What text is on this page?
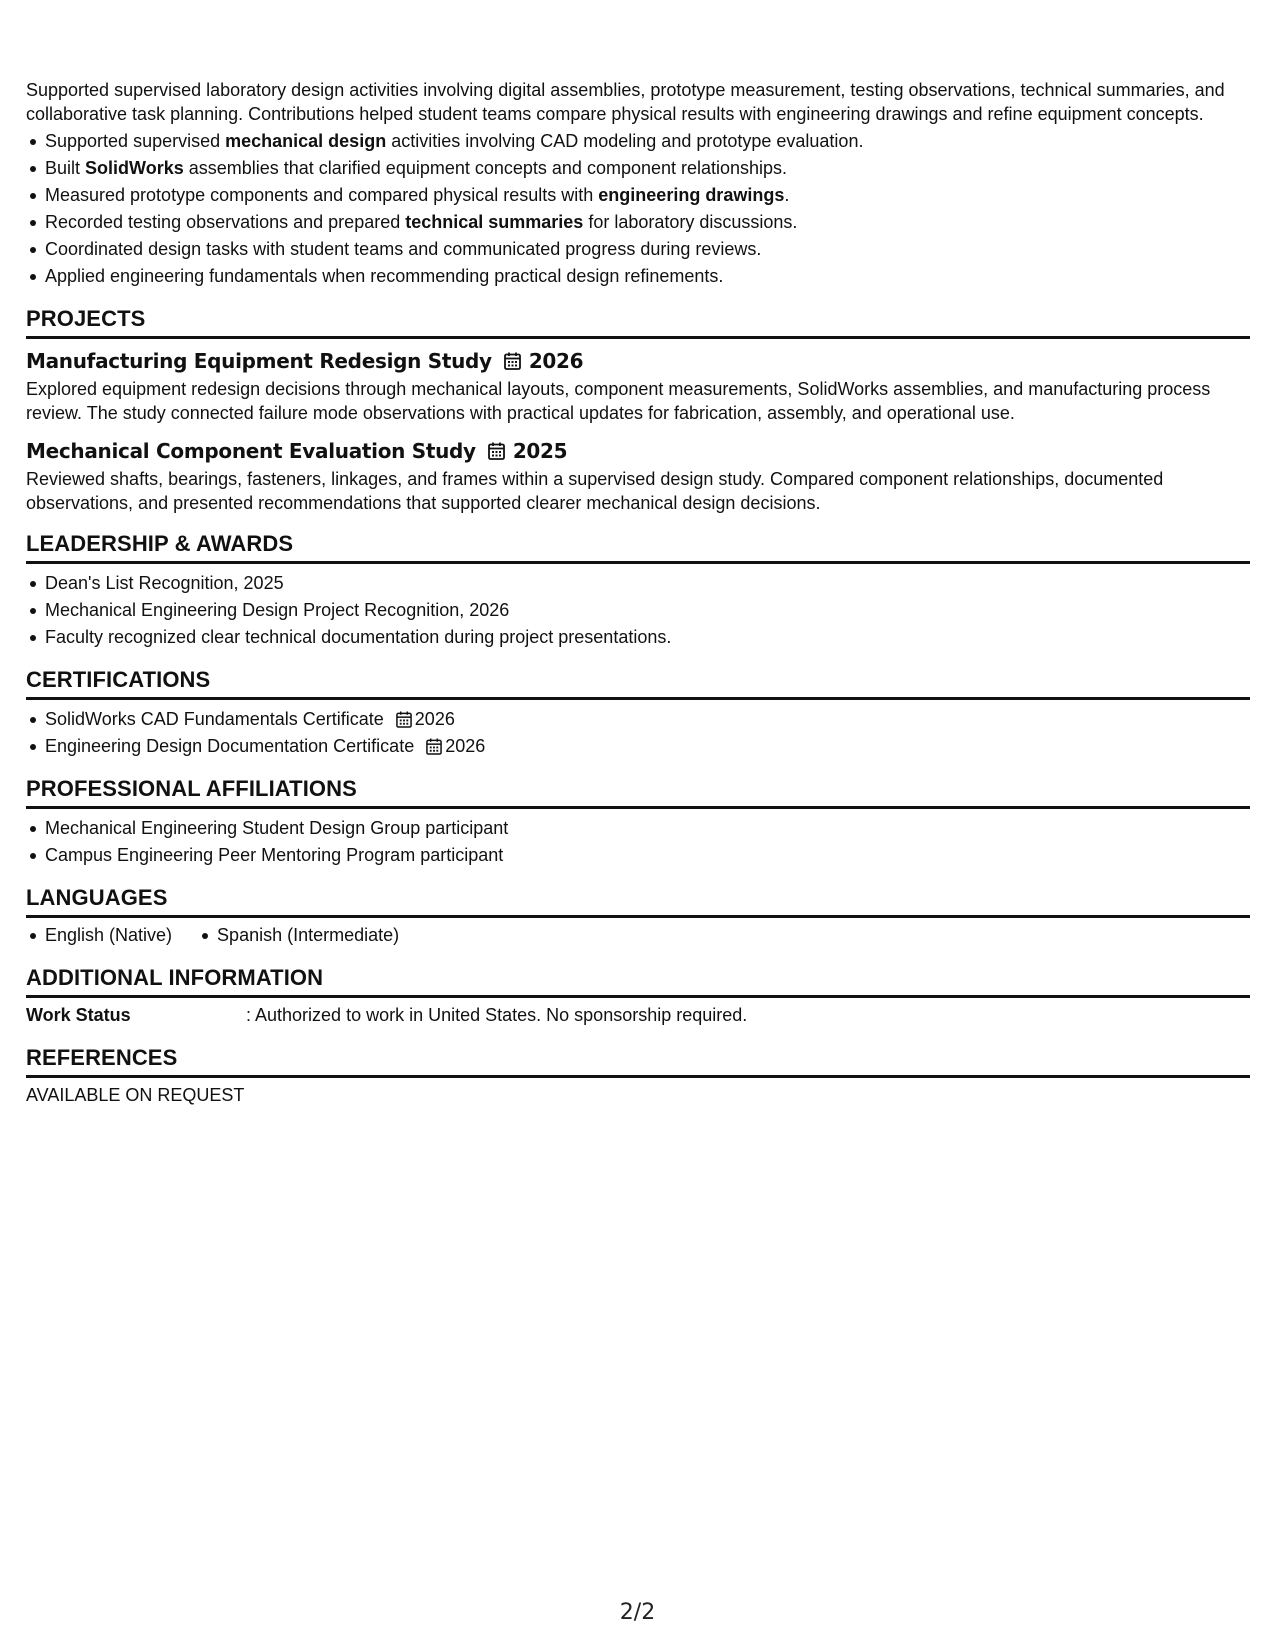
Supported supervised laboratory design activities involving digital assemblies, prototype measurement, testing observations, technical summaries, and collaborative task planning. Contributions helped student teams compare physical results with engineering drawings and refine equipment concepts.

Supported supervised mechanical design activities involving CAD modeling and prototype evaluation.
Built SolidWorks assemblies that clarified equipment concepts and component relationships.
Measured prototype components and compared physical results with engineering drawings.
Recorded testing observations and prepared technical summaries for laboratory discussions.
Coordinated design tasks with student teams and communicated progress during reviews.
Applied engineering fundamentals when recommending practical design refinements.
PROJECTS
Manufacturing Equipment Redesign Study 2026
Explored equipment redesign decisions through mechanical layouts, component measurements, SolidWorks assemblies, and manufacturing process review. The study connected failure mode observations with practical updates for fabrication, assembly, and operational use.
Mechanical Component Evaluation Study 2025
Reviewed shafts, bearings, fasteners, linkages, and frames within a supervised design study. Compared component relationships, documented observations, and presented recommendations that supported clearer mechanical design decisions.
LEADERSHIP & AWARDS
Dean's List Recognition, 2025
Mechanical Engineering Design Project Recognition, 2026
Faculty recognized clear technical documentation during project presentations.
CERTIFICATIONS
SolidWorks CAD Fundamentals Certificate 2026
Engineering Design Documentation Certificate 2026
PROFESSIONAL AFFILIATIONS
Mechanical Engineering Student Design Group participant
Campus Engineering Peer Mentoring Program participant
LANGUAGES
English (Native)	Spanish (Intermediate)
ADDITIONAL INFORMATION
Work Status	: Authorized to work in United States. No sponsorship required.
REFERENCES
AVAILABLE ON REQUEST
2/2
